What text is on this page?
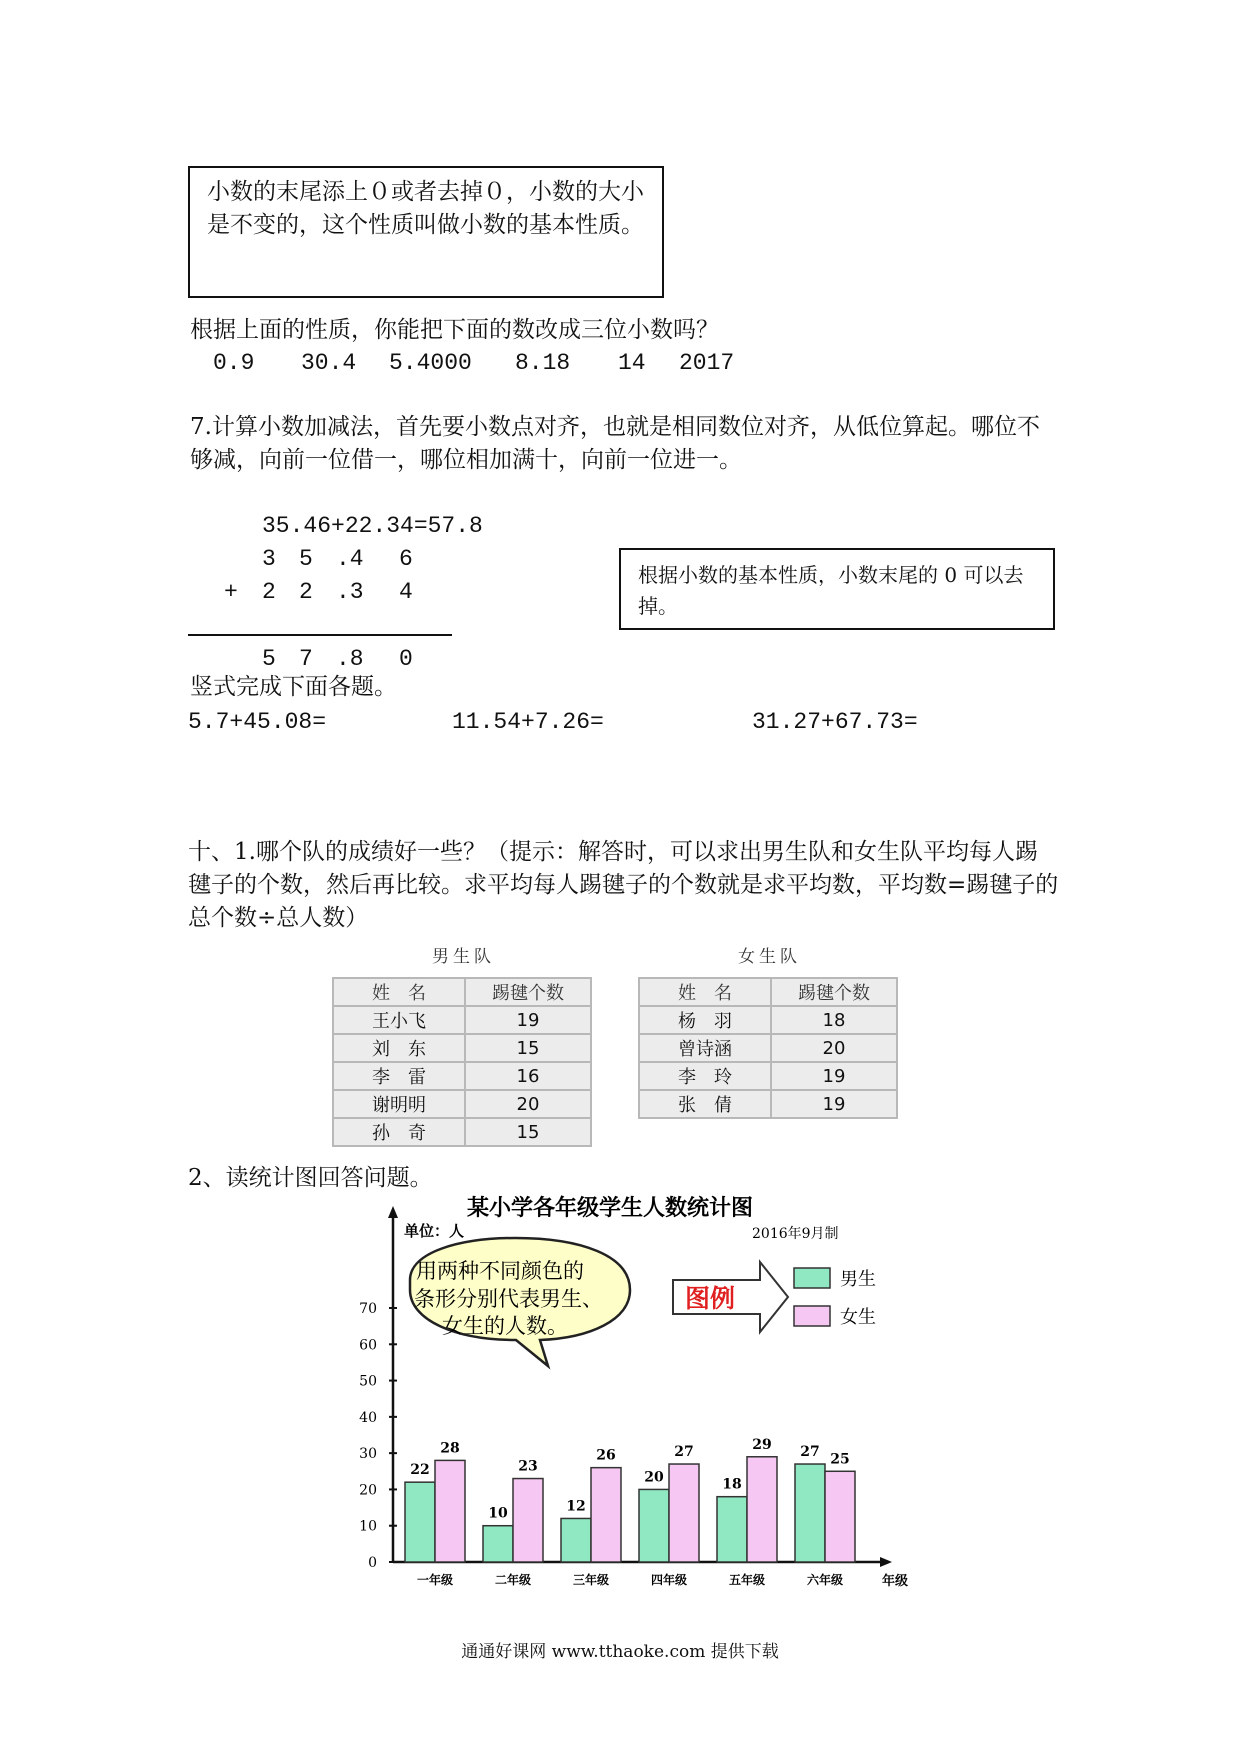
小数的末尾添上０或者去掉０，小数的大小是不变的，这个性质叫做小数的基本性质。
根据上面的性质，你能把下面的数改成三位小数吗？
0.9 30.4 5.4000 8.18 14 2017
7.计算小数加减法，首先要小数点对齐，也就是相同数位对齐，从低位算起。哪位不够减，向前一位借一，哪位相加满十，向前一位进一。
35.46+22.34=57.8
3 5 .4 6
+ 2 2 .3 4
5 7 .8 0
根据小数的基本性质，小数末尾的 0 可以去掉。
竖式完成下面各题。
5.7+45.08=	11.54+7.26=	31.27+67.73=
十、1.哪个队的成绩好一些？（提示：解答时，可以求出男生队和女生队平均每人踢毽子的个数，然后再比较。求平均每人踢毽子的个数就是求平均数，平均数=踢毽子的总个数÷总人数）
男生队	女生队
姓　名	踢毽个数
王小飞	19
刘　东	15
李　雷	16
谢明明	20
孙　奇	15
姓　名	踢毽个数
杨　羽	18
曾诗涵	20
李　玲	19
张　倩	19
2、读统计图回答问题。
某小学各年级学生人数统计图
单位：人	2016年9月制
用两种不同颜色的
条形分别代表男生、
女生的人数。
图例
男生
女生
年级
0
10
20
30
40
50
60
70
22
28
10
23
12
26
20
27
18
29 27 25
一年级	二年级	三年级	四年级	五年级	六年级
通通好课网 www.tthaoke.com 提供下载
